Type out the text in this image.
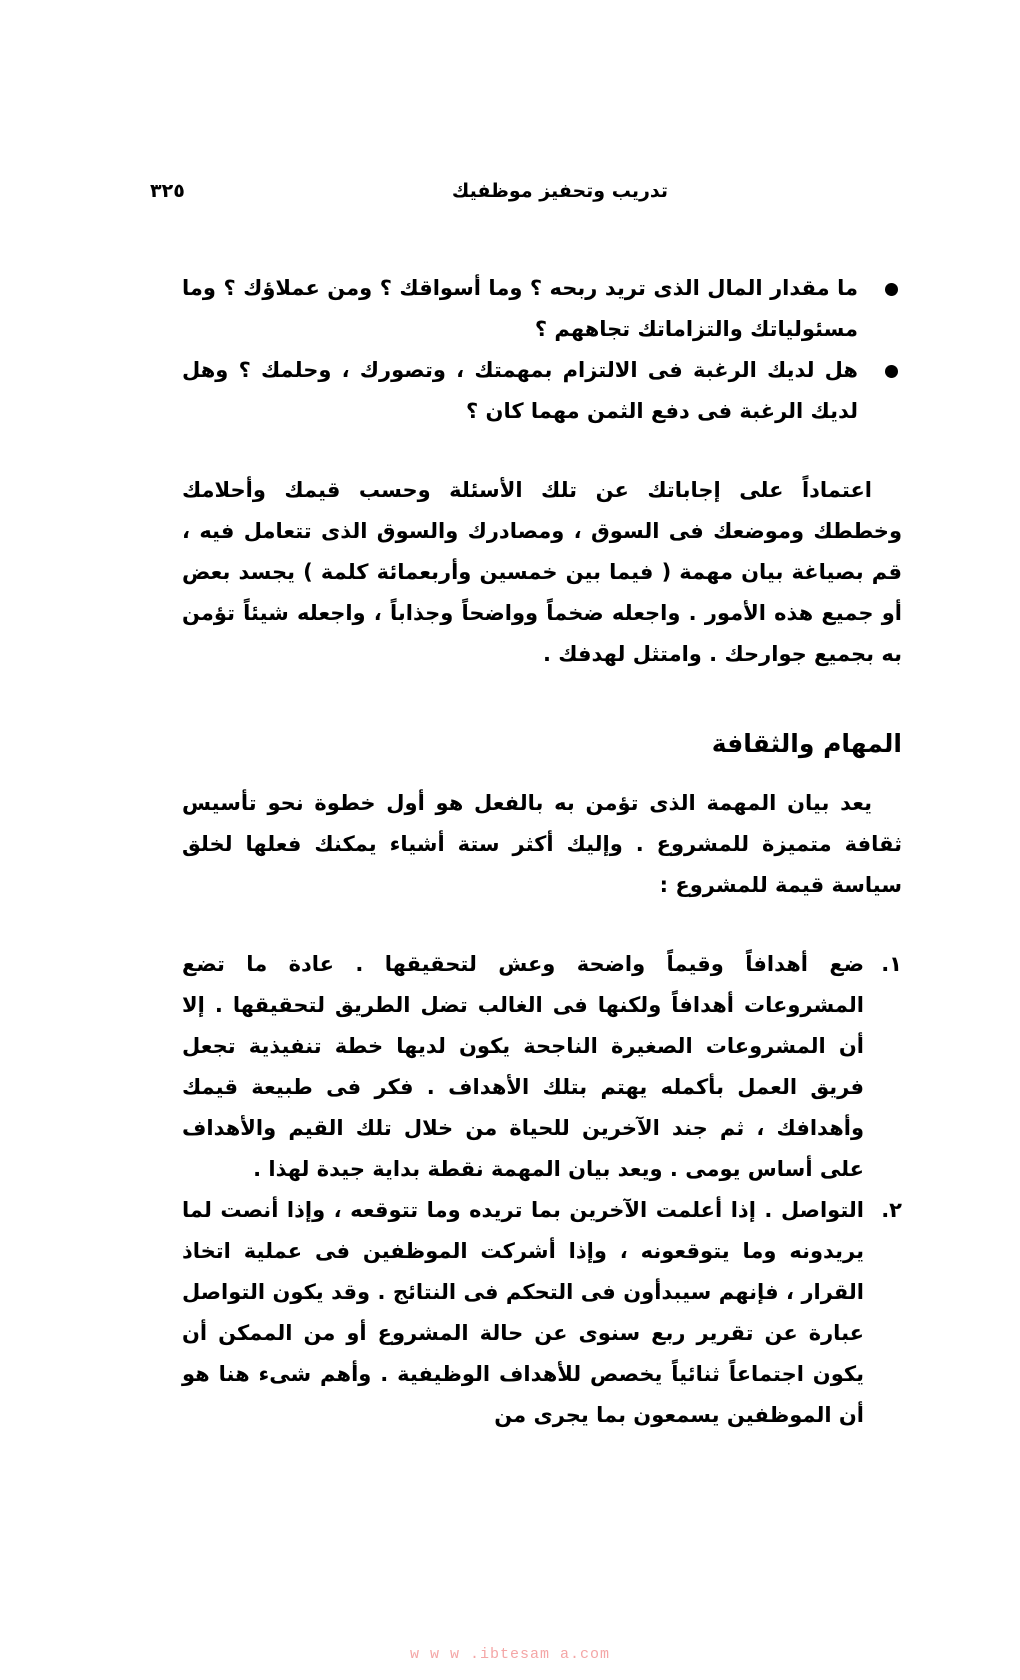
تدريب وتحفيز موظفيك
٣٢٥
ما مقدار المال الذى تريد ربحه ؟ وما أسواقك ؟ ومن عملاؤك ؟ وما مسئولياتك والتزاماتك تجاههم ؟
هل لديك الرغبة فى الالتزام بمهمتك ، وتصورك ، وحلمك ؟ وهل لديك الرغبة فى دفع الثمن مهما كان ؟

اعتماداً على إجاباتك عن تلك الأسئلة وحسب قيمك وأحلامك وخططك وموضعك فى السوق ، ومصادرك والسوق الذى تتعامل فيه ، قم بصياغة بيان مهمة ( فيما بين خمسين وأربعمائة كلمة ) يجسد بعض أو جميع هذه الأمور . واجعله ضخماً وواضحاً وجذاباً ، واجعله شيئاً تؤمن به بجميع جوارحك . وامتثل لهدفك .

المهام والثقافة

يعد بيان المهمة الذى تؤمن به بالفعل هو أول خطوة نحو تأسيس ثقافة متميزة للمشروع . وإليك أكثر ستة أشياء يمكنك فعلها لخلق سياسة قيمة للمشروع :

١.
ضع أهدافاً وقيماً واضحة وعش لتحقيقها . عادة ما تضع المشروعات أهدافاً ولكنها فى الغالب تضل الطريق لتحقيقها . إلا أن المشروعات الصغيرة الناجحة يكون لديها خطة تنفيذية تجعل فريق العمل بأكمله يهتم بتلك الأهداف . فكر فى طبيعة قيمك وأهدافك ، ثم جند الآخرين للحياة من خلال تلك القيم والأهداف على أساس يومى . ويعد بيان المهمة نقطة بداية جيدة لهذا .
٢.
التواصل . إذا أعلمت الآخرين بما تريده وما تتوقعه ، وإذا أنصت لما يريدونه وما يتوقعونه ، وإذا أشركت الموظفين فى عملية اتخاذ القرار ، فإنهم سيبدأون فى التحكم فى النتائج . وقد يكون التواصل عبارة عن تقرير ربع سنوى عن حالة المشروع أو من الممكن أن يكون اجتماعاً ثنائياً يخصص للأهداف الوظيفية . وأهم شىء هنا هو أن الموظفين يسمعون بما يجرى من
w w w .ibtesam a.com
